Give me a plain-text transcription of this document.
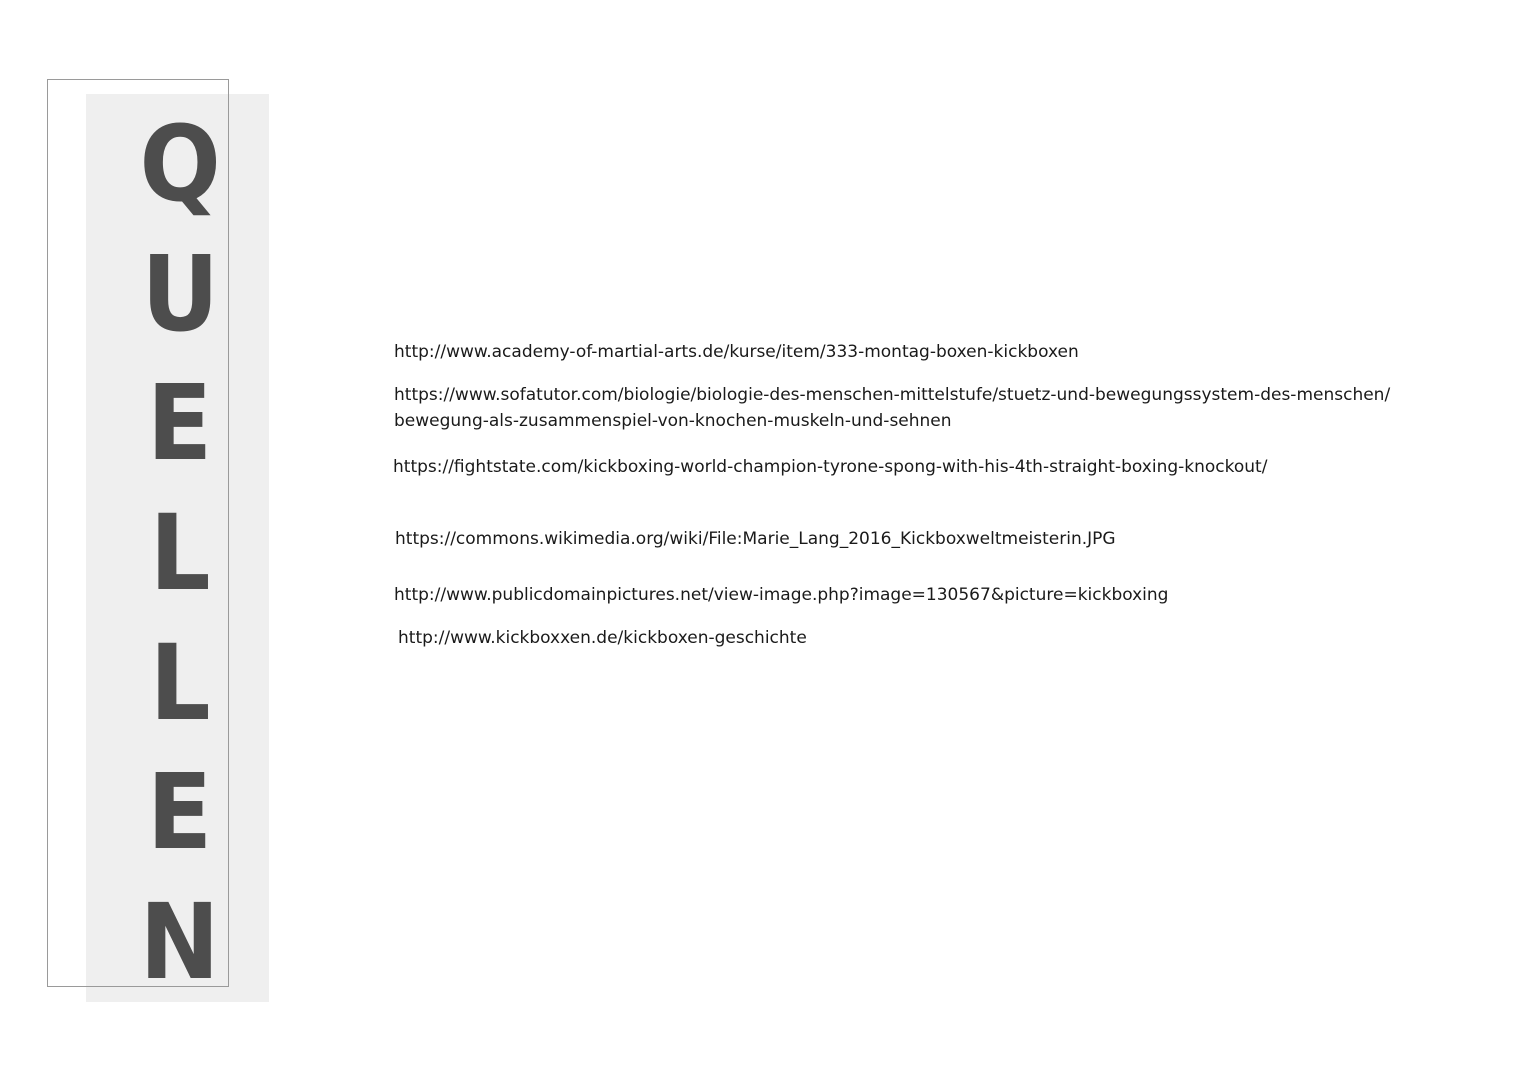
Q
U
E
L
L
E
N
http://www.academy-of-martial-arts.de/kurse/item/333-montag-boxen-kickboxen
https://www.sofatutor.com/biologie/biologie-des-menschen-mittelstufe/stuetz-und-bewegungssystem-des-menschen/
bewegung-als-zusammenspiel-von-knochen-muskeln-und-sehnen
https://fightstate.com/kickboxing-world-champion-tyrone-spong-with-his-4th-straight-boxing-knockout/
https://commons.wikimedia.org/wiki/File:Marie_Lang_2016_Kickboxweltmeisterin.JPG
http://www.publicdomainpictures.net/view-image.php?image=130567&picture=kickboxing
http://www.kickboxxen.de/kickboxen-geschichte
